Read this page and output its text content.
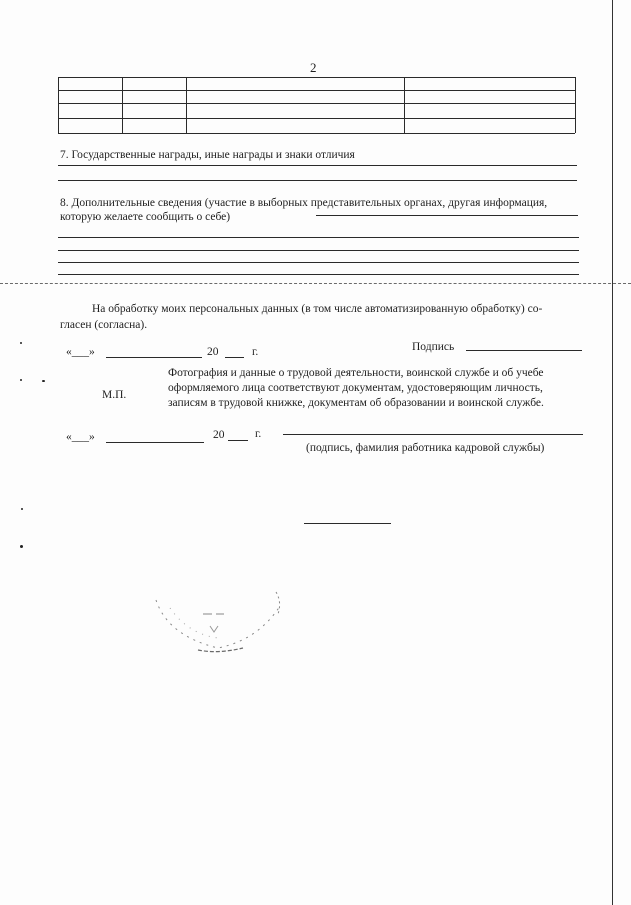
2
7. Государственные награды, иные награды и знаки отличия
8. Дополнительные сведения (участие в выборных представительных органах, другая информация,
которую желаете сообщить о себе)
На обработку моих персональных данных (в том числе автоматизированную обработку) со-
гласен (согласна).
«___»	20	г.	Подпись
М.П.
Фотография и данные о трудовой деятельности, воинской службе и об учебе
оформляемого лица соответствуют документам, удостоверяющим личность,
записям в трудовой книжке, документам об образовании и воинской службе.
«___»	20	г.
(подпись, фамилия работника кадровой службы)
